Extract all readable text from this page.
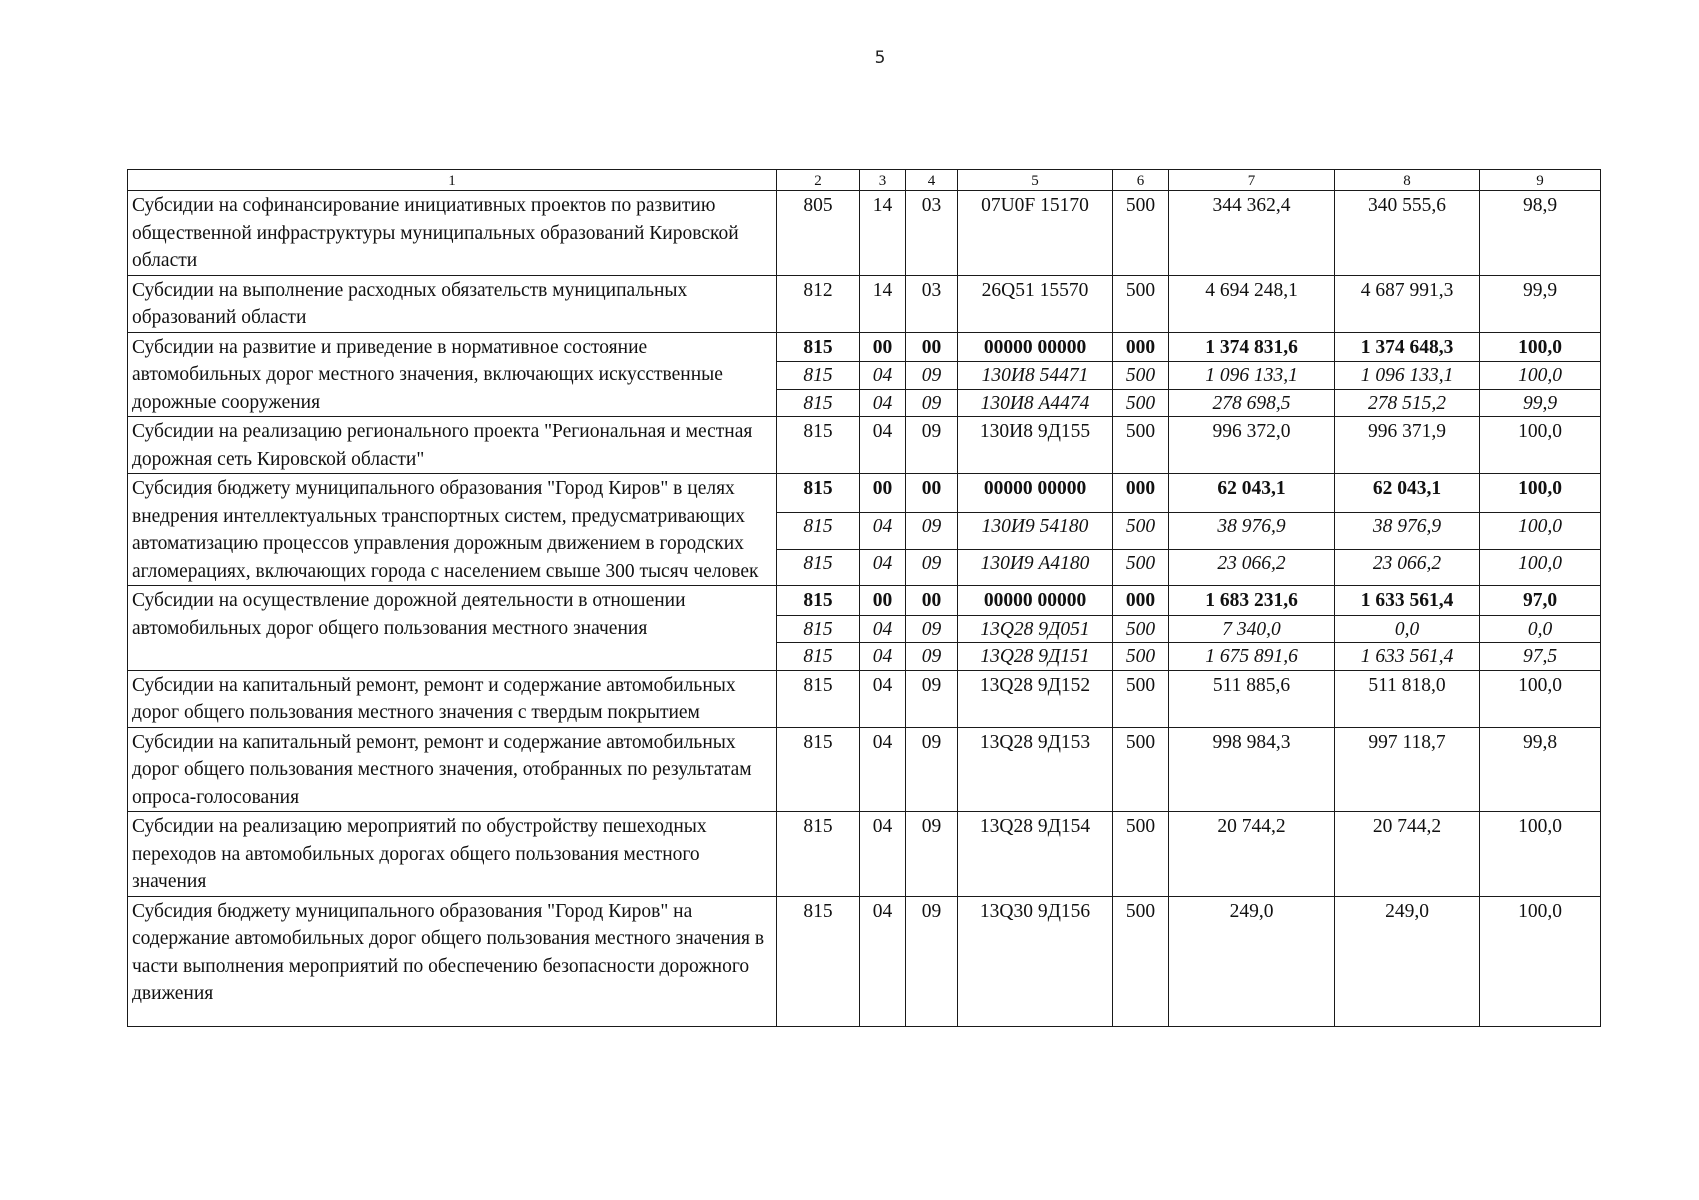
5
1	2	3	4	5	6	7	8	9
Субсидии на софинансирование инициативных проектов по развитию общественной инфраструктуры муниципальных образований Кировской области	805	14	03	07U0F 15170	500	344 362,4	340 555,6	98,9
Субсидии на выполнение расходных обязательств муниципальных образований области	812	14	03	26Q51 15570	500	4 694 248,1	4 687 991,3	99,9
Субсидии на развитие и приведение в нормативное состояние автомобильных дорог местного значения, включающих искусственные дорожные сооружения	815	00	00	00000 00000	000	1 374 831,6	1 374 648,3	100,0
	815	04	09	130И8 54471	500	1 096 133,1	1 096 133,1	100,0
	815	04	09	130И8 А4474	500	278 698,5	278 515,2	99,9
Субсидии на реализацию регионального проекта "Региональная и местная дорожная сеть Кировской области"	815	04	09	130И8 9Д155	500	996 372,0	996 371,9	100,0
Субсидия бюджету муниципального образования "Город Киров" в целях внедрения интеллектуальных транспортных систем, предусматривающих автоматизацию процессов управления дорожным движением в городских агломерациях, включающих города с населением свыше 300 тысяч человек	815	00	00	00000 00000	000	62 043,1	62 043,1	100,0
	815	04	09	130И9 54180	500	38 976,9	38 976,9	100,0
	815	04	09	130И9 А4180	500	23 066,2	23 066,2	100,0
Субсидии на осуществление дорожной деятельности в отношении автомобильных дорог общего пользования местного значения	815	00	00	00000 00000	000	1 683 231,6	1 633 561,4	97,0
	815	04	09	13Q28 9Д051	500	7 340,0	0,0	0,0
	815	04	09	13Q28 9Д151	500	1 675 891,6	1 633 561,4	97,5
Субсидии на капитальный ремонт, ремонт и содержание автомобильных дорог общего пользования местного значения с твердым покрытием	815	04	09	13Q28 9Д152	500	511 885,6	511 818,0	100,0
Субсидии на капитальный ремонт, ремонт и содержание автомобильных дорог общего пользования местного значения, отобранных по результатам опроса-голосования	815	04	09	13Q28 9Д153	500	998 984,3	997 118,7	99,8
Субсидии на реализацию мероприятий по обустройству пешеходных переходов на автомобильных дорогах общего пользования местного значения	815	04	09	13Q28 9Д154	500	20 744,2	20 744,2	100,0
Субсидия бюджету муниципального образования "Город Киров" на содержание автомобильных дорог общего пользования местного значения в части выполнения мероприятий по обеспечению безопасности дорожного движения	815	04	09	13Q30 9Д156	500	249,0	249,0	100,0
